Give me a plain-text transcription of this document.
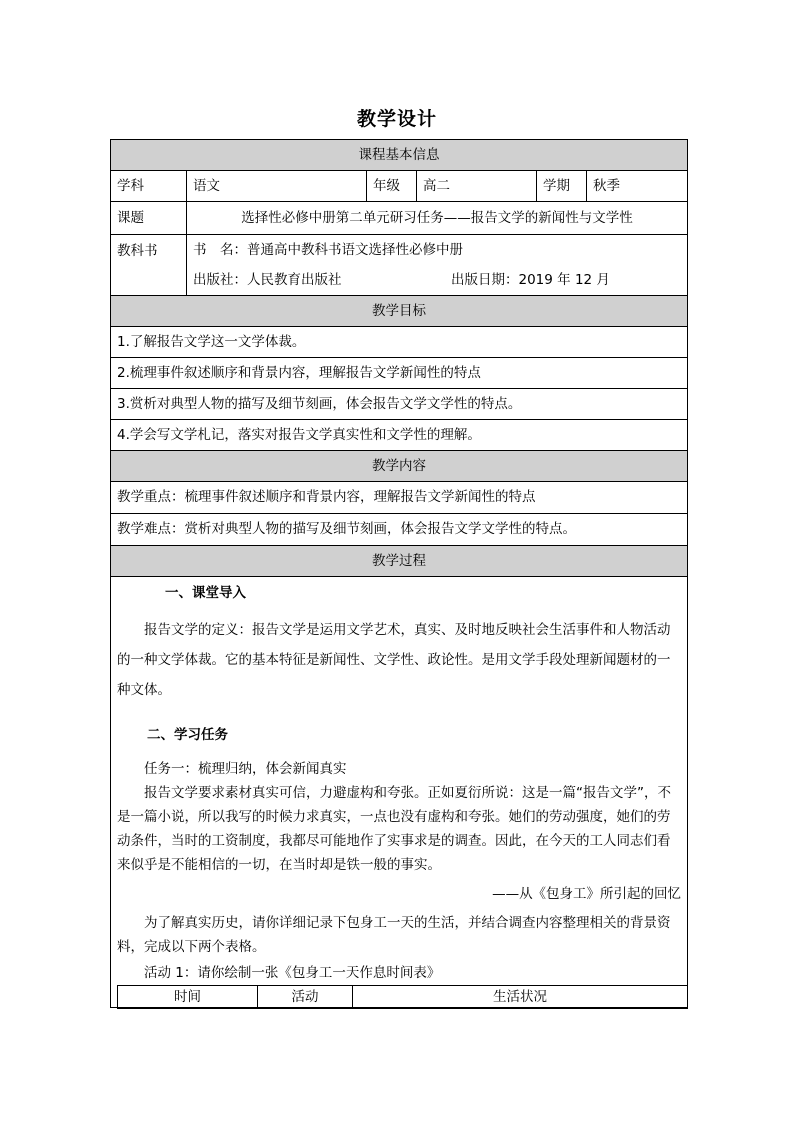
教学设计
课程基本信息
学科	语文	年级	高二	学期	秋季
课题	选择性必修中册第二单元研习任务——报告文学的新闻性与文学性
教科书	书　名：普通高中教科书语文选择性必修中册
出版社：人民教育出版社	出版日期：2019 年 12 月
教学目标
1.了解报告文学这一文学体裁。
2.梳理事件叙述顺序和背景内容，理解报告文学新闻性的特点
3.赏析对典型人物的描写及细节刻画，体会报告文学文学性的特点。
4.学会写文学札记，落实对报告文学真实性和文学性的理解。
教学内容
教学重点：梳理事件叙述顺序和背景内容，理解报告文学新闻性的特点
教学难点：赏析对典型人物的描写及细节刻画，体会报告文学文学性的特点。
教学过程

一、课堂导入
报告文学的定义：报告文学是运用文学艺术，真实、及时地反映社会生活事件和人物活动的一种文学体裁。它的基本特征是新闻性、文学性、政论性。是用文学手段处理新闻题材的一种文体。
二、学习任务
任务一：梳理归纳，体会新闻真实
报告文学要求素材真实可信，力避虚构和夸张。正如夏衍所说：这是一篇“报告文学”，不是一篇小说，所以我写的时候力求真实，一点也没有虚构和夸张。她们的劳动强度，她们的劳动条件，当时的工资制度，我都尽可能地作了实事求是的调查。因此，在今天的工人同志们看来似乎是不能相信的一切，在当时却是铁一般的事实。
——从《包身工》所引起的回忆
为了解真实历史，请你详细记录下包身工一天的生活，并结合调查内容整理相关的背景资料，完成以下两个表格。
活动 1：请你绘制一张《包身工一天作息时间表》
时间	活动	生活状况
